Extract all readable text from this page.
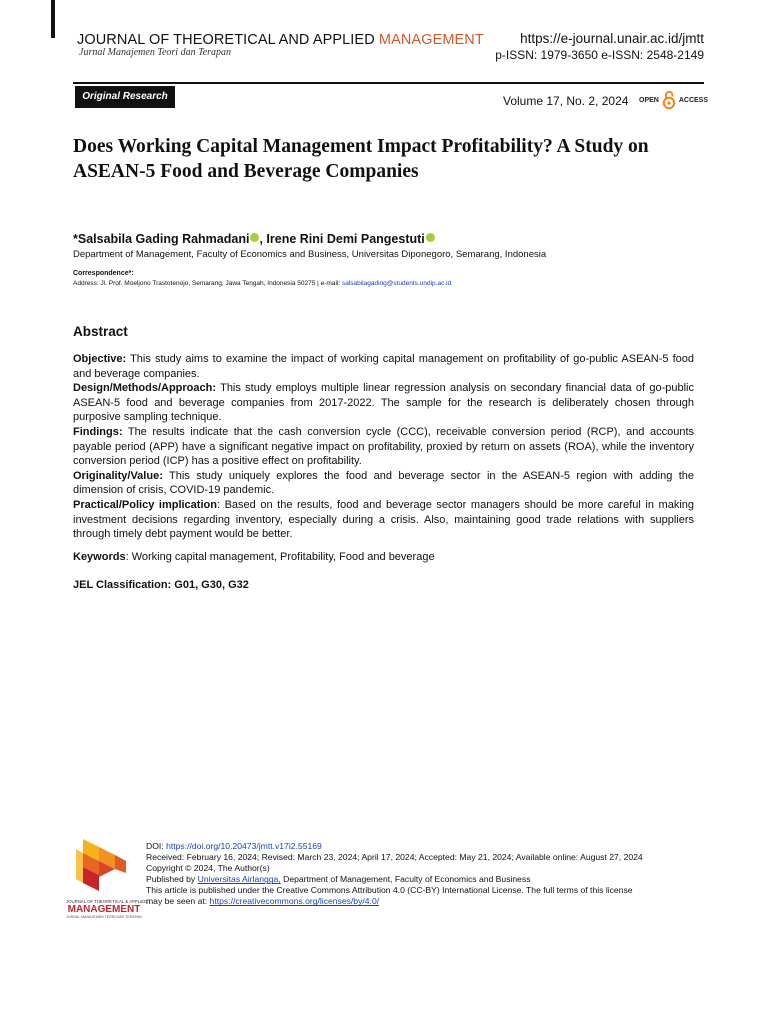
JOURNAL OF THEORETICAL AND APPLIED MANAGEMENT
Jurnal Manajemen Teori dan Terapan
https://e-journal.unair.ac.id/jmtt
p-ISSN: 1979-3650 e-ISSN: 2548-2149
Original Research	Volume 17, No. 2, 2024 OPEN	ACCESS
Does Working Capital Management Impact Profitability? A Study on ASEAN-5 Food and Beverage Companies
*Salsabila Gading Rahmadani , Irene Rini Demi Pangestuti
Department of Management, Faculty of Economics and Business, Universitas Diponegoro, Semarang, Indonesia
Correspondence*:
Address: Jl. Prof. Moeljono Trastotenojo, Semarang, Jawa Tengah, Indonesia 50275 | e-mail: salsabilagading@students.undip.ac.id
Abstract

Objective: This study aims to examine the impact of working capital management on profitability of go-public ASEAN-5 food and beverage companies.

Design/Methods/Approach: This study employs multiple linear regression analysis on secondary financial data of go-public ASEAN-5 food and beverage companies from 2017-2022. The sample for the research is deliberately chosen through purposive sampling technique.

Findings: The results indicate that the cash conversion cycle (CCC), receivable conversion period (RCP), and accounts payable period (APP) have a significant negative impact on profitability, proxied by return on assets (ROA), while the inventory conversion period (ICP) has a positive effect on profitability.

Originality/Value: This study uniquely explores the food and beverage sector in the ASEAN-5 region with adding the dimension of crisis, COVID-19 pandemic.

Practical/Policy implication: Based on the results, food and beverage sector managers should be more careful in making investment decisions regarding inventory, especially during a crisis. Also, maintaining good trade relations with suppliers through timely debt payment would be better.

Keywords: Working capital management, Profitability, Food and beverage
JEL Classification: G01, G30, G32
JOURNAL OF THEORETICAL & APPLIED
MANAGEMENT
JURNAL MANAJEMEN TEORI DAN TERAPAN
DOI: https://doi.org/10.20473/jmtt.v17i2.55169
Received: February 16, 2024; Revised: March 23, 2024; April 17, 2024; Accepted: May 21, 2024; Available online: August 27, 2024
Copyright © 2024, The Author(s)
Published by Universitas Airlangga, Department of Management, Faculty of Economics and Business
This article is published under the Creative Commons Attribution 4.0 (CC-BY) International License. The full terms of this license
may be seen at: https://creativecommons.org/licenses/by/4.0/
